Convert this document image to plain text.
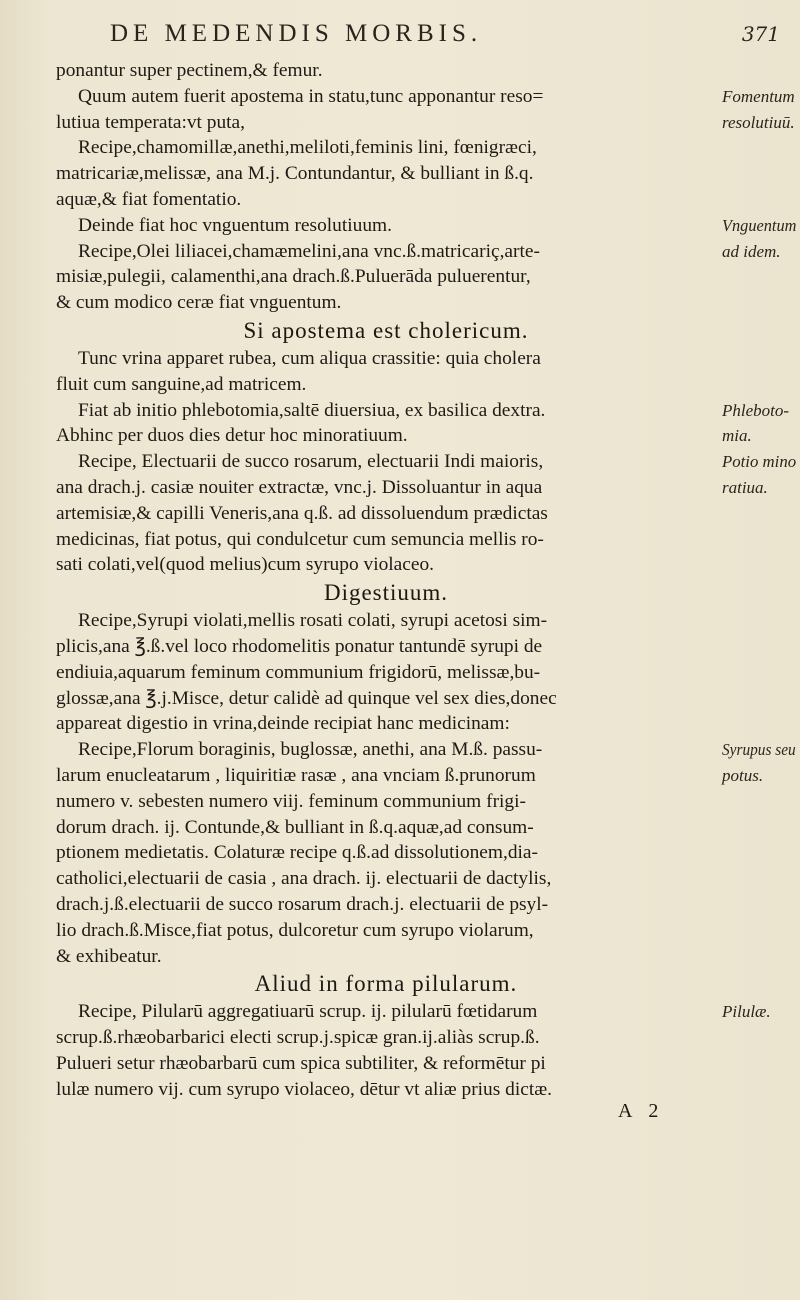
DE MEDENDIS MORBIS.	371
ponantur super pectinem,& femur.
Quum autem fuerit apostema in statu,tunc apponantur reso=
lutiua temperata:vt puta,
Recipe,chamomillæ,anethi,meliloti,feminis lini, fœnigræci,
matricariæ,melissæ, ana M.j. Contundantur, & bulliant in ß.q.
aquæ,& fiat fomentatio.
Deinde fiat hoc vnguentum resolutiuum.
Recipe,Olei liliacei,chamæmelini,ana vnc.ß.matricariç,arte-
misiæ,pulegii, calamenthi,ana drach.ß.Puluerāda puluerentur,
& cum modico ceræ fiat vnguentum.
Si apostema est cholericum.
Tunc vrina apparet rubea, cum aliqua crassitie: quia cholera
fluit cum sanguine,ad matricem.
Fiat ab initio phlebotomia,saltē diuersiua, ex basilica dextra.
Abhinc per duos dies detur hoc minoratiuum.
Recipe, Electuarii de succo rosarum, electuarii Indi maioris,
ana drach.j. casiæ nouiter extractæ, vnc.j. Dissoluantur in aqua
artemisiæ,& capilli Veneris,ana q.ß. ad dissoluendum prædictas
medicinas, fiat potus, qui condulcetur cum semuncia mellis ro-
sati colati,vel(quod melius)cum syrupo violaceo.
Digestiuum.
Recipe,Syrupi violati,mellis rosati colati, syrupi acetosi sim-
plicis,ana ℥.ß.vel loco rhodomelitis ponatur tantundē syrupi de
endiuia,aquarum feminum communium frigidorū, melissæ,bu-
glossæ,ana ℥.j.Misce, detur calidè ad quinque vel sex dies,donec
appareat digestio in vrina,deinde recipiat hanc medicinam:
Recipe,Florum boraginis, buglossæ, anethi, ana M.ß. passu-
larum enucleatarum , liquiritiæ rasæ , ana vnciam ß.prunorum
numero v. sebesten numero viij. feminum communium frigi-
dorum drach. ij. Contunde,& bulliant in ß.q.aquæ,ad consum-
ptionem medietatis. Colaturæ recipe q.ß.ad dissolutionem,dia-
catholici,electuarii de casia , ana drach. ij. electuarii de dactylis,
drach.j.ß.electuarii de succo rosarum drach.j. electuarii de psyl-
lio drach.ß.Misce,fiat potus, dulcoretur cum syrupo violarum,
& exhibeatur.
Aliud in forma pilularum.
Recipe, Pilularū aggregatiuarū scrup. ij. pilularū fœtidarum
scrup.ß.rhæobarbarici electi scrup.j.spicæ gran.ij.aliàs scrup.ß.
Pulueri setur rhæobarbarū cum spica subtiliter, & reformētur pi
lulæ numero vij. cum syrupo violaceo, dētur vt aliæ prius dictæ.
Fomentum
resolutiuū.
Vnguentum
ad idem.
Phleboto-
mia.
Potio mino
ratiua.
Syrupus seu
potus.
Pilulæ.
A 2
